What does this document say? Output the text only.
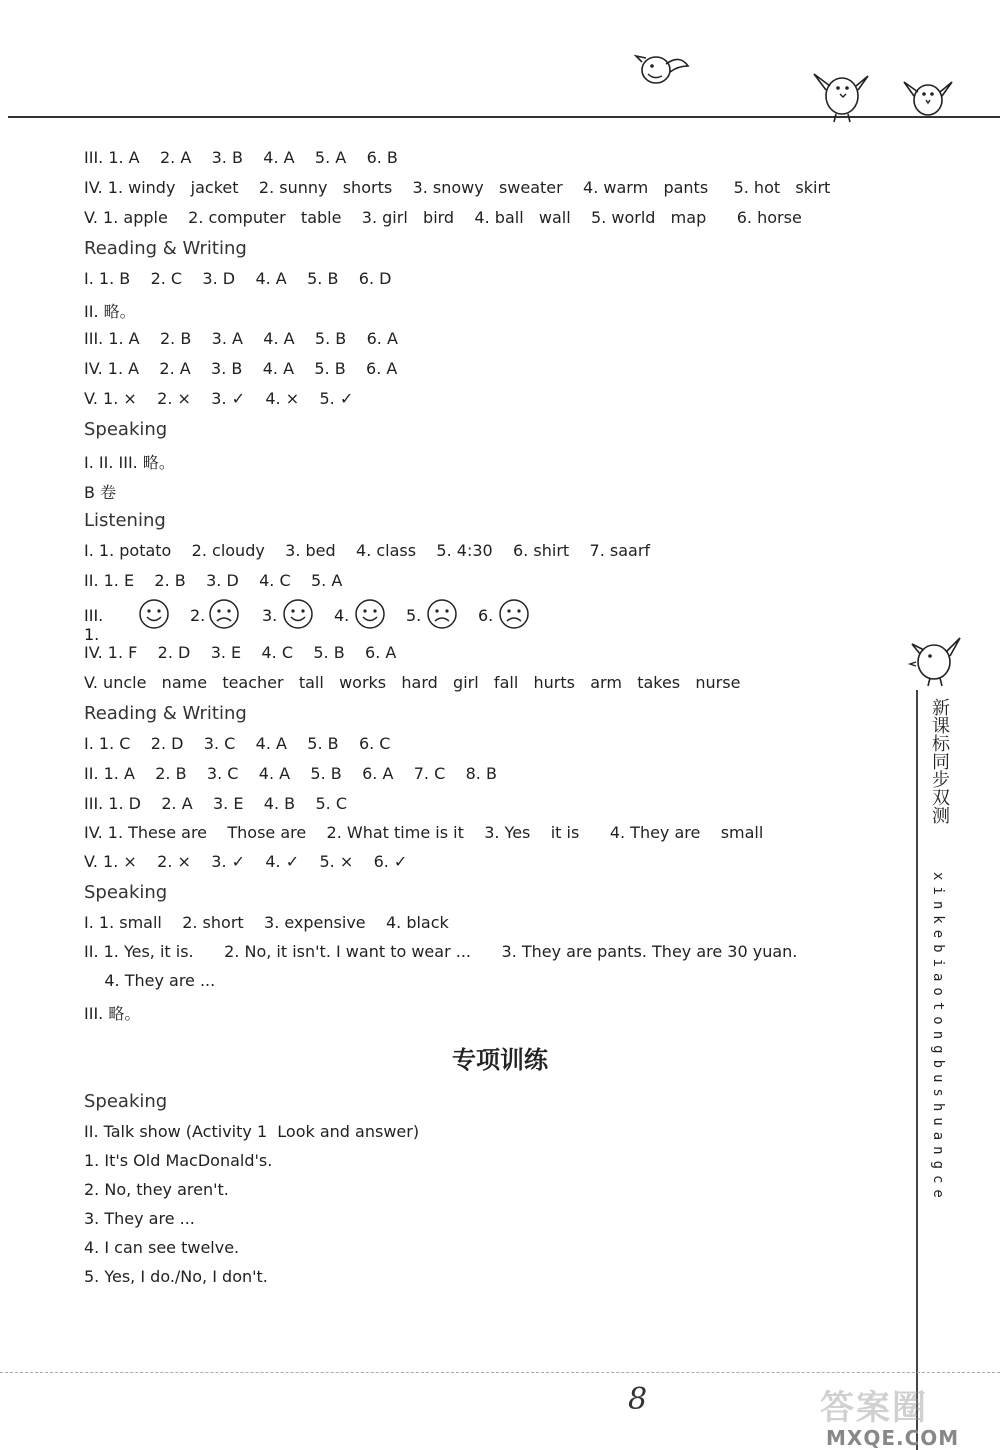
III. 1. A    2. A    3. B    4. A    5. A    6. B
IV. 1. windy   jacket    2. sunny   shorts    3. snowy   sweater    4. warm   pants     5. hot   skirt
V. 1. apple    2. computer   table    3. girl   bird    4. ball   wall    5. world   map      6. horse
Reading & Writing
I. 1. B    2. C    3. D    4. A    5. B    6. D
II. 略。
III. 1. A    2. B    3. A    4. A    5. B    6. A
IV. 1. A    2. A    3. B    4. A    5. B    6. A
V. 1. ×    2. ×    3. ✓    4. ×    5. ✓
Speaking
I. II. III. 略。
B 卷
Listening
I. 1. potato    2. cloudy    3. bed    4. class    5. 4:30    6. shirt    7. saarf
II. 1. E    2. B    3. D    4. C    5. A
III. 1.
2.	3.	4.	5.	6.
IV. 1. F    2. D    3. E    4. C    5. B    6. A
V. uncle   name   teacher   tall   works   hard   girl   fall   hurts   arm   takes   nurse
Reading & Writing
I. 1. C    2. D    3. C    4. A    5. B    6. C
II. 1. A    2. B    3. C    4. A    5. B    6. A    7. C    8. B
III. 1. D    2. A    3. E    4. B    5. C
IV. 1. These are    Those are    2. What time is it    3. Yes    it is      4. They are    small
V. 1. ×    2. ×    3. ✓    4. ✓    5. ×    6. ✓
Speaking
I. 1. small    2. short    3. expensive    4. black
II. 1. Yes, it is.      2. No, it isn't. I want to wear ...      3. They are pants. They are 30 yuan.
4. They are ...
III. 略。
专项训练
Speaking
II. Talk show (Activity 1  Look and answer)
1. It's Old MacDonald's.
2. No, they aren't.
3. They are ...
4. I can see twelve.
5. Yes, I do./No, I don't.
新课标同步双测
xinkebiaotongbushuangce
8	答案圈
MXQE.COM
